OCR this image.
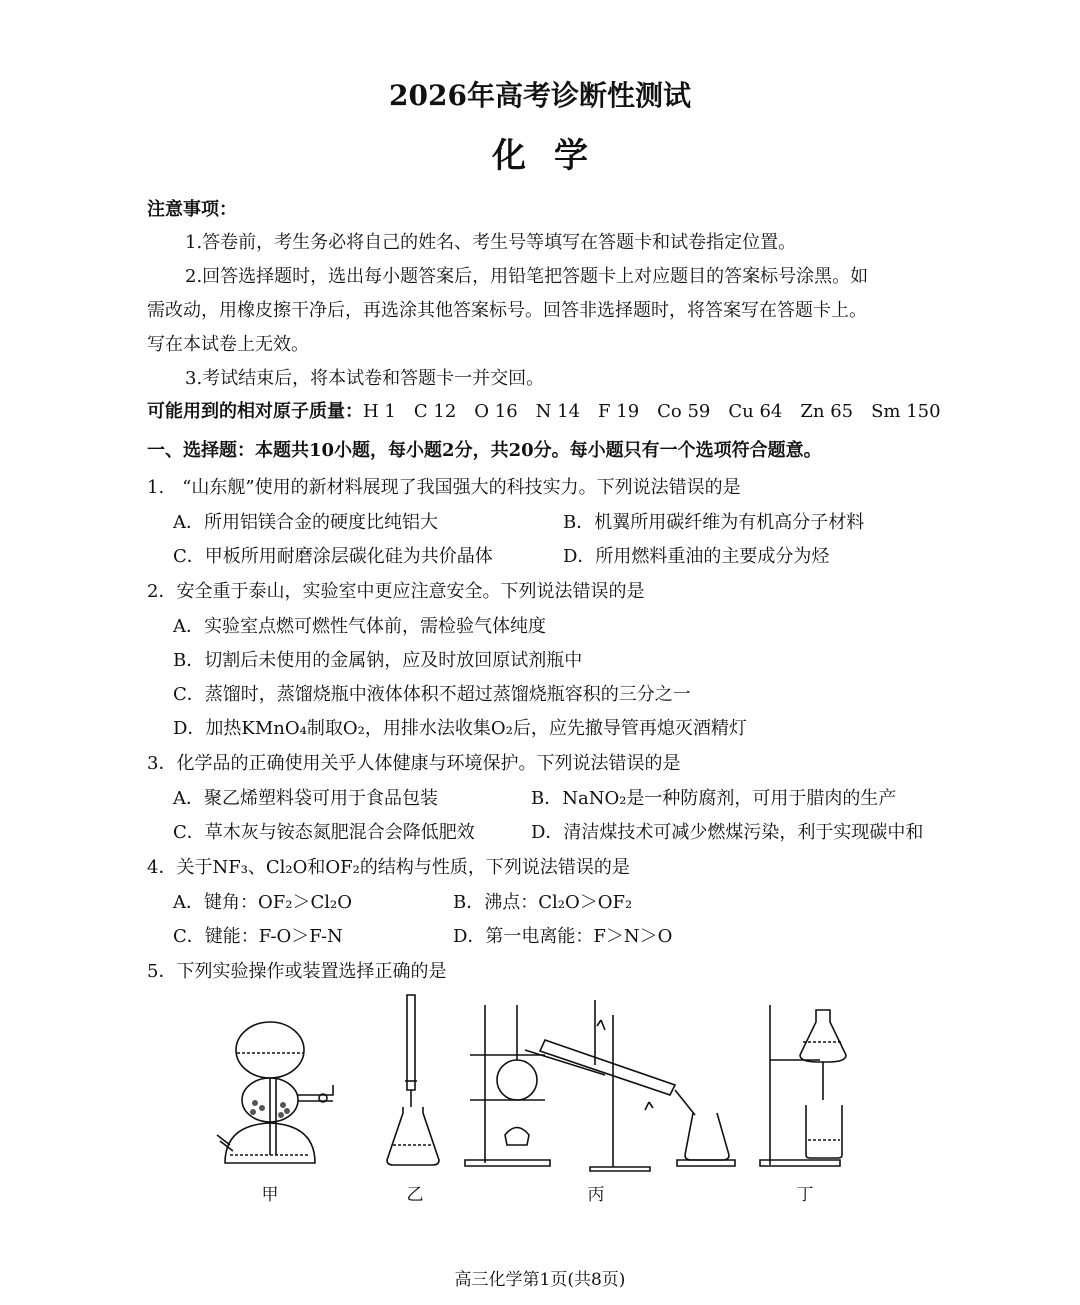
2026年高考诊断性测试
化学
注意事项：
1.答卷前，考生务必将自己的姓名、考生号等填写在答题卡和试卷指定位置。
2.回答选择题时，选出每小题答案后，用铅笔把答题卡上对应题目的答案标号涂黑。如
需改动，用橡皮擦干净后，再选涂其他答案标号。回答非选择题时，将答案写在答题卡上。
写在本试卷上无效。
3.考试结束后，将本试卷和答题卡一并交回。
可能用到的相对原子质量：H 1　C 12　O 16　N 14　F 19　Co 59　Cu 64　Zn 65　Sm 150
一、选择题：本题共10小题，每小题2分，共20分。每小题只有一个选项符合题意。
1.　“山东舰”使用的新材料展现了我国强大的科技实力。下列说法错误的是
A．所用铝镁合金的硬度比纯铝大	B．机翼所用碳纤维为有机高分子材料
C．甲板所用耐磨涂层碳化硅为共价晶体	D．所用燃料重油的主要成分为烃
2．安全重于泰山，实验室中更应注意安全。下列说法错误的是
A．实验室点燃可燃性气体前，需检验气体纯度
B．切割后未使用的金属钠，应及时放回原试剂瓶中
C．蒸馏时，蒸馏烧瓶中液体体积不超过蒸馏烧瓶容积的三分之一
D．加热KMnO₄制取O₂，用排水法收集O₂后，应先撤导管再熄灭酒精灯
3．化学品的正确使用关乎人体健康与环境保护。下列说法错误的是
A．聚乙烯塑料袋可用于食品包装	B．NaNO₂是一种防腐剂，可用于腊肉的生产
C．草木灰与铵态氮肥混合会降低肥效	D．清洁煤技术可减少燃煤污染，利于实现碳中和
4．关于NF₃、Cl₂O和OF₂的结构与性质，下列说法错误的是
A．键角：OF₂＞Cl₂O	B．沸点：Cl₂O＞OF₂
C．键能：F-O＞F-N	D．第一电离能：F＞N＞O
5．下列实验操作或装置选择正确的是
甲	乙	丙	丁
高三化学第1页(共8页)
